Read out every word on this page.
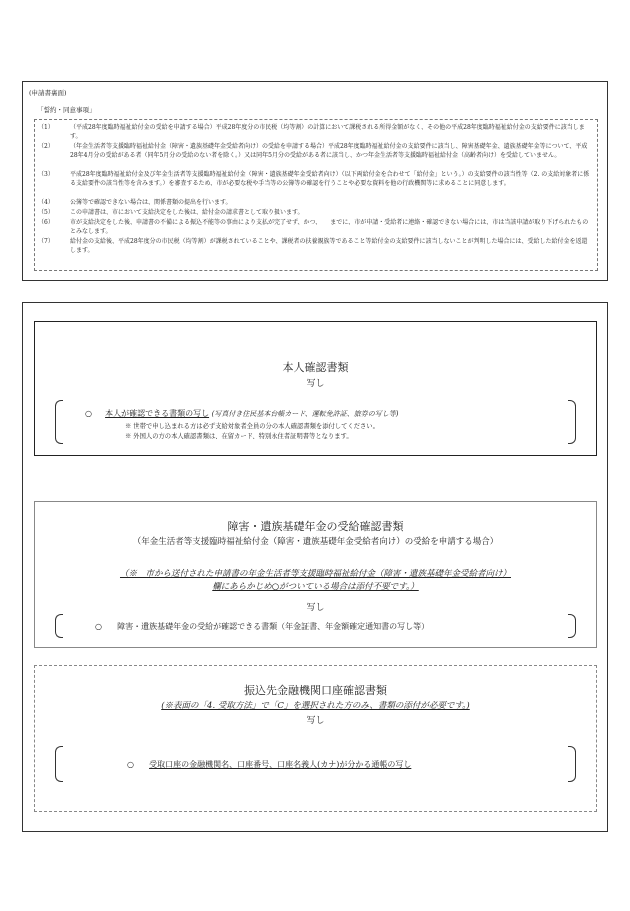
(申請書裏面)
「誓約・同意事項」
（1）	（平成28年度臨時福祉給付金の受給を申請する場合）平成28年度分の市民税（均等割）の計算において課税される所得金額がなく、その他の平成28年度臨時福祉給付金の支給要件に該当します。
（2）	（年金生活者等支援臨時福祉給付金（障害・遺族基礎年金受給者向け）の受給を申請する場合）平成28年度臨時福祉給付金の支給要件に該当し、障害基礎年金、遺族基礎年金等について、平成28年4月分の受給がある者（同年5月分の受給のない者を除く。）又は同年5月分の受給がある者に該当し、かつ年金生活者等支援臨時福祉給付金（高齢者向け）を受給していません。
（3）	平成28年度臨時福祉給付金及び年金生活者等支援臨時福祉給付金（障害・遺族基礎年金受給者向け）（以下両給付金を合わせて「給付金」という。）の支給要件の該当性等（2. の支給対象者に係る支給要件の該当性等を含みます。）を審査するため、市が必要な税や手当等の公簿等の確認を行うことや必要な資料を他の行政機関等に求めることに同意します。
（4）	公簿等で確認できない場合は、関係書類の提出を行います。
（5）	この申請書は、市において支給決定をした後は、給付金の請求書として取り扱います。
（6）	市が支給決定をした後、申請書の不備による振込不能等の事由により支払が完了せず、かつ、　　までに、市が申請・受給者に連絡・確認できない場合には、市は当該申請が取り下げられたものとみなします。
（7）	給付金の支給後、平成28年度分の市民税（均等割）が課税されていることや、課税者の扶養親族等であること等給付金の支給要件に該当しないことが判明した場合には、受給した給付金を返還します。
本人確認書類
写し
○ 本人が確認できる書類の写し (写真付き住民基本台帳カード、運転免許証、旅券の写し等)
※ 世帯で申し込まれる方は必ず支給対象者全員の分の本人確認書類を添付してください。
※ 外国人の方の本人確認書類は、在留カード、特別永住者証明書等となります。
障害・遺族基礎年金の受給確認書類
（年金生活者等支援臨時福祉給付金（障害・遺族基礎年金受給者向け）の受給を申請する場合）
（※　市から送付された申請書の年金生活者等支援臨時福祉給付金（障害・遺族基礎年金受給者向け）
欄にあらかじめ○がついている場合は添付不要です。）
写し
○ 障害・遺族基礎年金の受給が確認できる書類（年金証書、年金額確定通知書の写し等）
振込先金融機関口座確認書類
(※表面の「4. 受取方法」で「C」を選択された方のみ、書類の添付が必要です。)
写し
○ 受取口座の金融機関名、口座番号、口座名義人(カナ)が分かる通帳の写し
